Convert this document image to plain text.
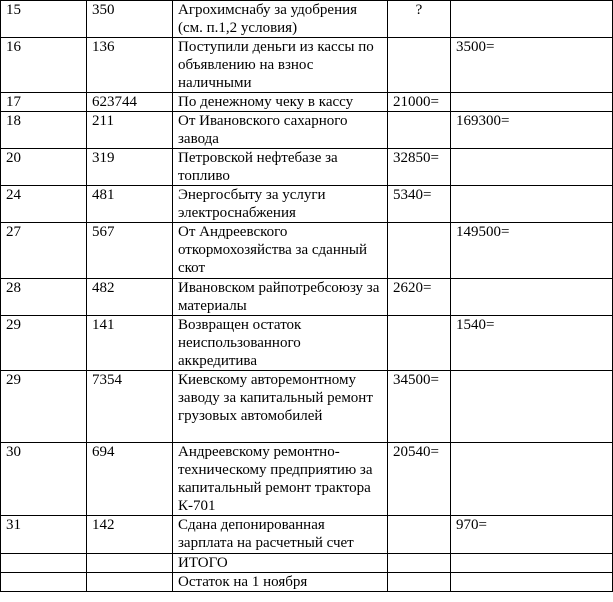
15	350	Агрохимснабу за удобрения (см. п.1,2 условия)	?	
16	136	Поступили деньги из кассы по объявлению на взнос наличными		3500=
17	623744	По денежному чеку в кассу	21000=	
18	211	От Ивановского сахарного завода		169300=
20	319	Петровской нефтебазе за топливо	32850=	
24	481	Энергосбыту за услуги электроснабжения	5340=	
27	567	От Андреевского откормохозяйства за сданный скот		149500=
28	482	Ивановском райпотребсоюзу за материалы	2620=	
29	141	Возвращен остаток неиспользованного аккредитива		1540=
29	7354	Киевскому авторемонтному заводу за капитальный ремонт грузовых автомобилей	34500=	
30	694	Андреевскому ремонтно-техническому предприятию за капитальный ремонт трактора К-701	20540=	
31	142	Сдана депонированная зарплата на расчетный счет		970=
		ИТОГО		
		Остаток на 1 ноября		
